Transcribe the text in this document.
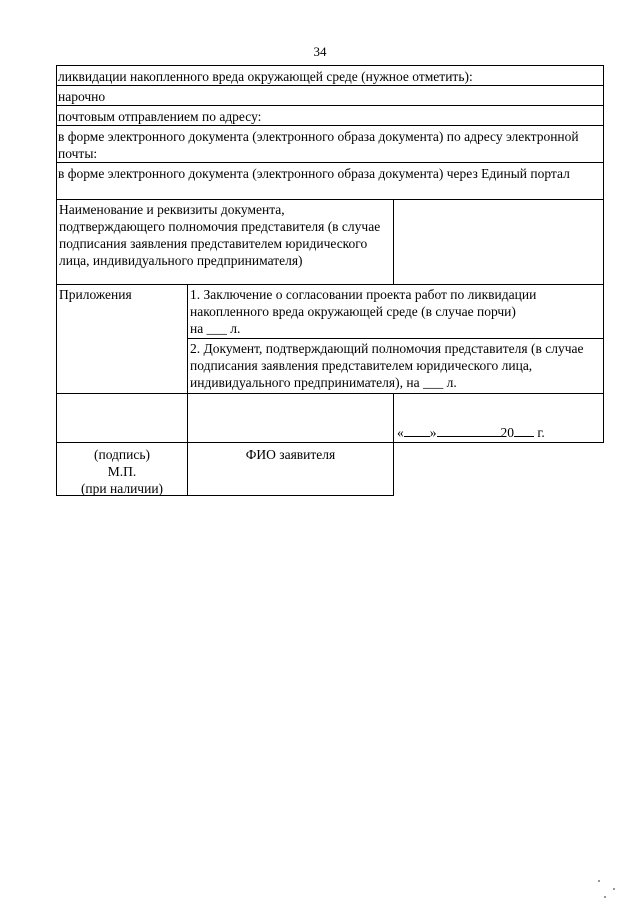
34
ликвидации накопленного вреда окружающей среде (нужное отметить):
нарочно
почтовым отправлением по адресу:
в форме электронного документа (электронного образа документа) по адресу электронной почты:
в форме электронного документа (электронного образа документа) через Единый портал
Наименование и реквизиты документа, подтверждающего полномочия представителя (в случае подписания заявления представителем юридического лица, индивидуального предпринимателя)
Приложения	1. Заключение о согласовании проекта работ по ликвидации накопленного вреда окружающей среде (в случае порчи)
на ___ л.
2. Документ, подтверждающий полномочия представителя (в случае подписания заявления представителем юридического лица, индивидуального предпринимателя), на ___ л.
« »	20 г.
(подпись)
М.П.
(при наличии)
ФИО заявителя
